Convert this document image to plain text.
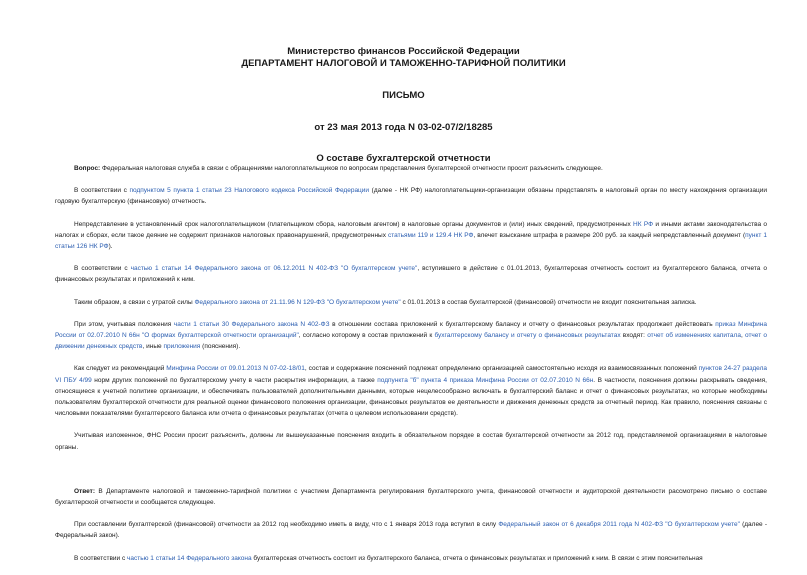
Министерство финансов Российской Федерации

ДЕПАРТАМЕНТ НАЛОГОВОЙ И ТАМОЖЕННО-ТАРИФНОЙ ПОЛИТИКИ

ПИСЬМО

от 23 мая 2013 года N 03-02-07/2/18285

О составе бухгалтерской отчетности

Вопрос: Федеральная налоговая служба в связи с обращениями налогоплательщиков по вопросам представления бухгалтерской отчетности просит разъяснить следующее.

В соответствии с подпунктом 5 пункта 1 статьи 23 Налогового кодекса Российской Федерации (далее - НК РФ) налогоплательщики-организации обязаны представлять в налоговый орган по месту нахождения организации годовую бухгалтерскую (финансовую) отчетность.

Непредставление в установленный срок налогоплательщиком (плательщиком сбора, налоговым агентом) в налоговые органы документов и (или) иных сведений, предусмотренных НК РФ и иными актами законодательства о налогах и сборах, если такое деяние не содержит признаков налоговых правонарушений, предусмотренных статьями 119 и 129.4 НК РФ, влечет взыскание штрафа в размере 200 руб. за каждый непредставленный документ (пункт 1 статьи 126 НК РФ).

В соответствии с частью 1 статьи 14 Федерального закона от 06.12.2011 N 402-ФЗ "О бухгалтерском учете", вступившего в действие с 01.01.2013, бухгалтерская отчетность состоит из бухгалтерского баланса, отчета о финансовых результатах и приложений к ним.

Таким образом, в связи с утратой силы Федерального закона от 21.11.96 N 129-ФЗ "О бухгалтерском учете" с 01.01.2013 в состав бухгалтерской (финансовой) отчетности не входит пояснительная записка.

При этом, учитывая положения части 1 статьи 30 Федерального закона N 402-ФЗ в отношении состава приложений к бухгалтерскому балансу и отчету о финансовых результатах продолжает действовать приказ Минфина России от 02.07.2010 N 66н "О формах бухгалтерской отчетности организаций", согласно которому в состав приложений к бухгалтерскому балансу и отчету о финансовых результатах входят: отчет об изменениях капитала, отчет о движении денежных средств, иные приложения (пояснения).

Как следует из рекомендаций Минфина России от 09.01.2013 N 07-02-18/01, состав и содержание пояснений подлежат определению организацией самостоятельно исходя из взаимосвязанных положений пунктов 24-27 раздела VI ПБУ 4/99 норм других положений по бухгалтерскому учету в части раскрытия информации, а также подпункта "б" пункта 4 приказа Минфина России от 02.07.2010 N 66н. В частности, пояснения должны раскрывать сведения, относящиеся к учетной политике организации, и обеспечивать пользователей дополнительными данными, которые нецелесообразно включать в бухгалтерский баланс и отчет о финансовых результатах, но которые необходимы пользователям бухгалтерской отчетности для реальной оценки финансового положения организации, финансовых результатов ее деятельности и движения денежных средств за отчетный период. Как правило, пояснения связаны с числовыми показателями бухгалтерского баланса или отчета о финансовых результатах (отчета о целевом использовании средств).

Учитывая изложенное, ФНС России просит разъяснить, должны ли вышеуказанные пояснения входить в обязательном порядке в состав бухгалтерской отчетности за 2012 год, представляемой организациями в налоговые органы.

Ответ: В Департаменте налоговой и таможенно-тарифной политики с участием Департамента регулирования бухгалтерского учета, финансовой отчетности и аудиторской деятельности рассмотрено письмо о составе бухгалтерской отчетности и сообщается следующее.

При составлении бухгалтерской (финансовой) отчетности за 2012 год необходимо иметь в виду, что с 1 января 2013 года вступил в силу Федеральный закон от 6 декабря 2011 года N 402-ФЗ "О бухгалтерском учете" (далее - Федеральный закон).

В соответствии с частью 1 статьи 14 Федерального закона бухгалтерская отчетность состоит из бухгалтерского баланса, отчета о финансовых результатах и приложений к ним. В связи с этим пояснительная
